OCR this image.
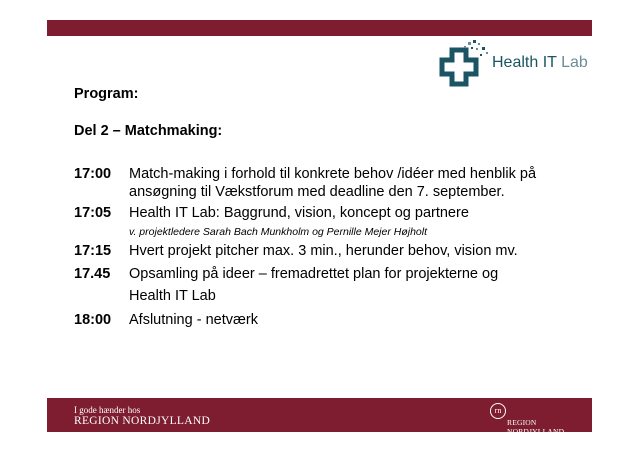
Health IT Lab
Program:
Del 2 – Matchmaking:
17:00 Match-making i forhold til konkrete behov /idéer med henblik på
ansøgning til Vækstforum med deadline den 7. september.
17:05 Health IT Lab: Baggrund, vision, koncept og partnere
v. projektledere Sarah Bach Munkholm og Pernille Mejer Højholt
17:15 Hvert projekt pitcher max. 3 min., herunder behov, vision mv.
17.45 Opsamling på ideer – fremadrettet plan for projekterne og
Health IT Lab
18:00 Afslutning - netværk
I gode hænder hos
REGION NORDJYLLAND
rn
REGION NORDJYLLAND
